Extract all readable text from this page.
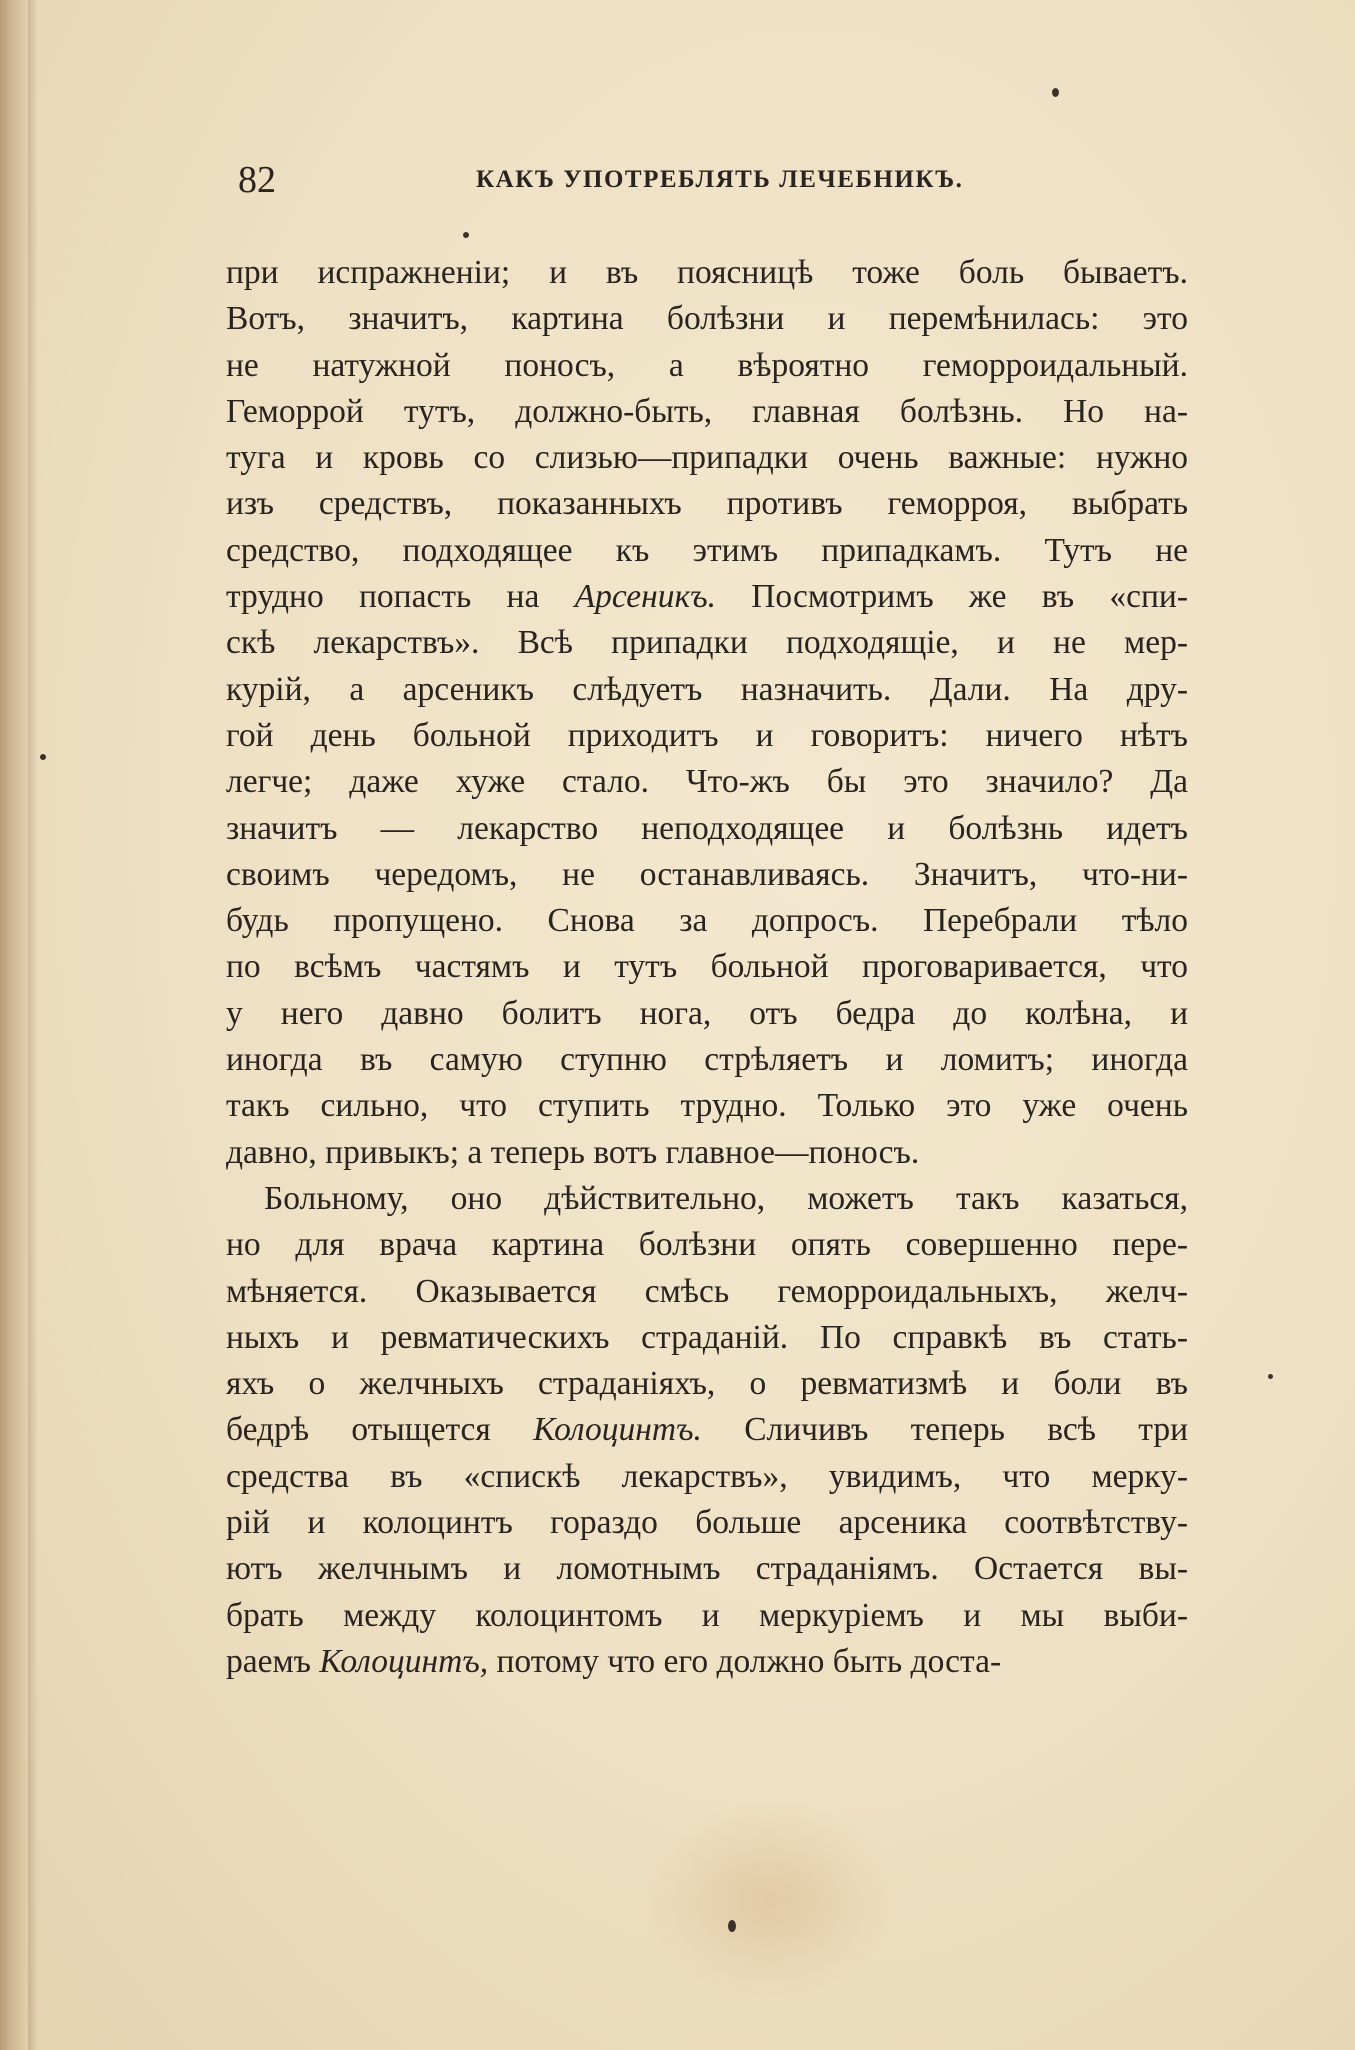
82	КАКЪ УПОТРЕБЛЯТЬ ЛЕЧЕБНИКЪ.
при испражненіи; и въ поясницѣ тоже боль бываетъ.
Вотъ, значитъ, картина болѣзни и перемѣнилась: это
не натужной поносъ, а вѣроятно геморроидальный.
Геморрой тутъ, должно-быть, главная болѣзнь. Но на-
туга и кровь со слизью—припадки очень важные: нужно
изъ средствъ, показанныхъ противъ геморроя, выбрать
средство, подходящее къ этимъ припадкамъ. Тутъ не
трудно попасть на Арсеникъ. Посмотримъ же въ «спи-
скѣ лекарствъ». Всѣ припадки подходящіе, и не мер-
курій, а арсеникъ слѣдуетъ назначить. Дали. На дру-
гой день больной приходитъ и говоритъ: ничего нѣтъ
легче; даже хуже стало. Что-жъ бы это значило? Да
значитъ — лекарство неподходящее и болѣзнь идетъ
своимъ чередомъ, не останавливаясь. Значитъ, что-ни-
будь пропущено. Снова за допросъ. Перебрали тѣло
по всѣмъ частямъ и тутъ больной проговаривается, что
у него давно болитъ нога, отъ бедра до колѣна, и
иногда въ самую ступню стрѣляетъ и ломитъ; иногда
такъ сильно, что ступить трудно. Только это уже очень
давно, привыкъ; а теперь вотъ главное—поносъ.
Больному, оно дѣйствительно, можетъ такъ казаться,
но для врача картина болѣзни опять совершенно пере-
мѣняется. Оказывается смѣсь геморроидальныхъ, желч-
ныхъ и ревматическихъ страданій. По справкѣ въ стать-
яхъ о желчныхъ страданіяхъ, о ревматизмѣ и боли въ
бедрѣ отыщется Колоцинтъ. Сличивъ теперь всѣ три
средства въ «спискѣ лекарствъ», увидимъ, что мерку-
рій и колоцинтъ гораздо больше арсеника соотвѣтству-
ютъ желчнымъ и ломотнымъ страданіямъ. Остается вы-
брать между колоцинтомъ и меркуріемъ и мы выби-
раемъ Колоцинтъ, потому что его должно быть доста-
